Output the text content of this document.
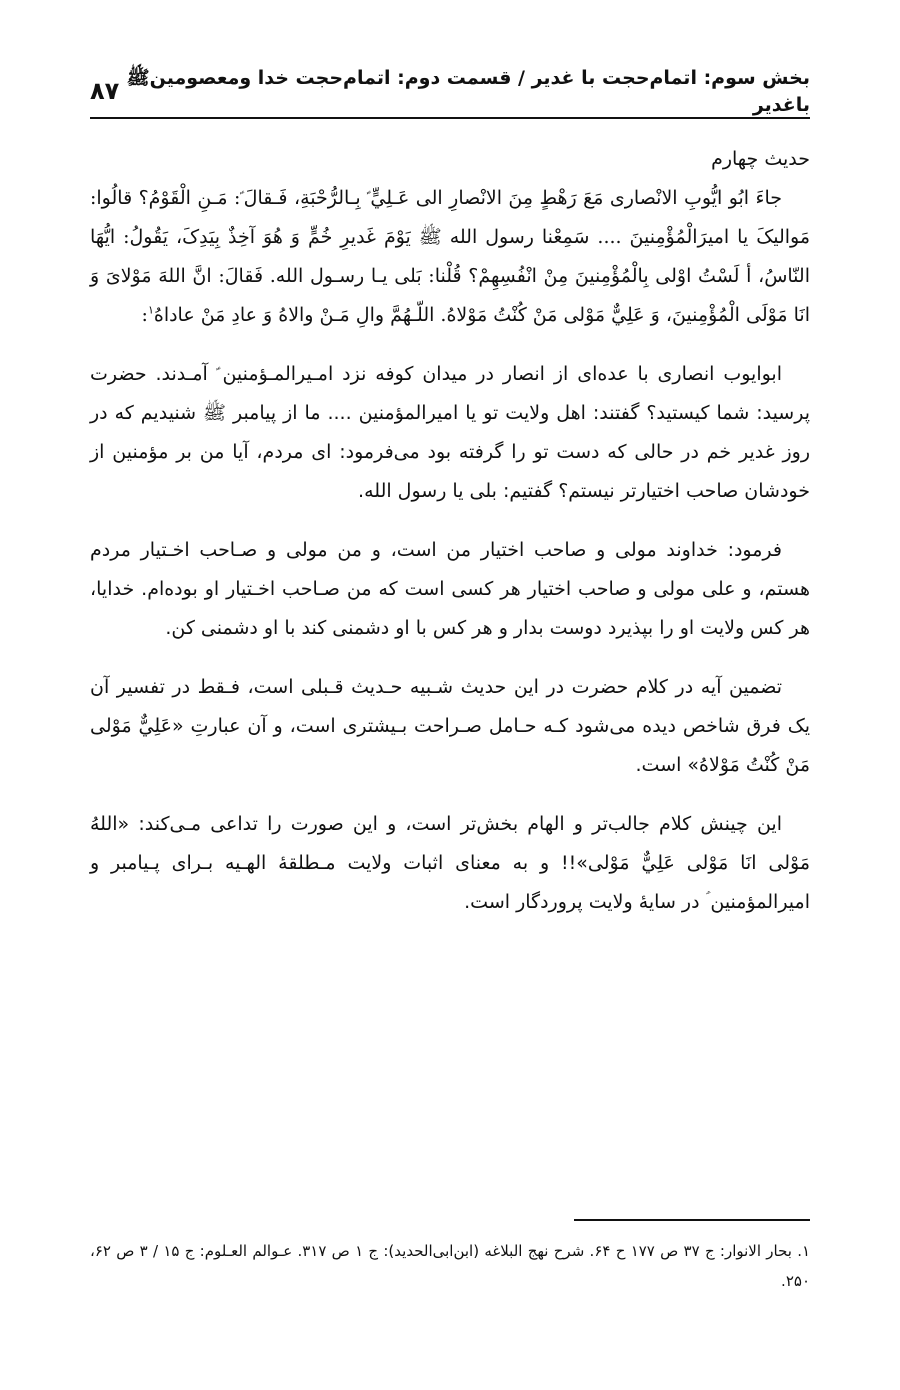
بخش سوم: اتمام‌حجت با غدیر / قسمت دوم: اتمام‌حجت خدا ومعصومینﷺ باغدیر
۸۷

حدیث چهارم

جاءَ ابُو ايُّوبِ الانْصارى مَعَ رَهْطٍ مِنَ الانْصارِ الى عَـلِيٍّ ؑ بِـالرُّحْبَةِ، فَـقالَ ؑ: مَـنِ الْقَوْمُ؟ قالُوا: مَواليکَ يا اميرَالْمُؤْمِنينَ .... سَمِعْنا رسول الله ﷺ يَوْمَ غَديرِ خُمٍّ وَ هُوَ آخِذٌ بِيَدِکَ، يَقُولُ: ايُّهَا النّاسُ، أ لَسْتُ اوْلى بِالْمُؤْمِنينَ مِنْ انْفُسِهِمْ؟ قُلْنا: بَلى يـا رسـول الله. فَقالَ: انَّ اللهَ مَوْلاىَ وَ انَا مَوْلَى الْمُؤْمِنينَ، وَ عَلِيٌّ مَوْلى مَنْ کُنْتُ مَوْلاهُ. اللّـهُمَّ والِ مَـنْ والاهُ وَ عادِ مَنْ عاداهُ$^۱$:

ابوایوب انصاری با عده‌ای از انصار در میدان کوفه نزد امـیرالمـؤمنین ؑ آمـدند. حضرت پرسید: شما کیستید؟ گفتند: اهل ولایت تو یا امیرالمؤمنین .... ما از پیامبر ﷺ شنیدیم که در روز غدیر خم در حالی که دست تو را گرفته بود می‌فرمود: ای مردم، آیا من بر مؤمنین از خودشان صاحب اختیارتر نیستم؟ گفتیم: بلی یا رسول الله.

فرمود: خداوند مولی و صاحب اختیار من است، و من مولی و صـاحب اخـتیار مردم هستم، و علی مولی و صاحب اختیار هر کسی است که من صـاحب اخـتیار او بوده‌ام. خدایا، هر کس ولایت او را بپذیرد دوست بدار و هر کس با او دشمنی کند با او دشمنی کن.

تضمین آیه در کلام حضرت در این حدیث شـبیه حـدیث قـبلی است، فـقط در تفسیر آن یک فرق شاخص دیده می‌شود کـه حـامل صـراحت بـیشتری است، و آن عبارتِ «عَلِيٌّ مَوْلى مَنْ کُنْتُ مَوْلاهُ» است.

این چینش کلام جالب‌تر و الهام بخش‌تر است، و این صورت را تداعی مـی‌کند: «اللهُ مَوْلی انَا مَوْلی عَلِيٌّ مَوْلی»!! و به معنای اثبات ولایت مـطلقهٔ الهـیه بـرای پـیامبر و امیرالمؤمنین ؑ در سایهٔ ولایت پروردگار است.

۱. بحار الانوار: ج ۳۷ ص ۱۷۷ ح ۶۴. شرح نهج البلاغه (ابن‌ابی‌الحدید): ج ۱ ص ۳۱۷. عـوالم العـلوم: ج ۱۵ / ۳ ص ۶۲، ۲۵۰.
